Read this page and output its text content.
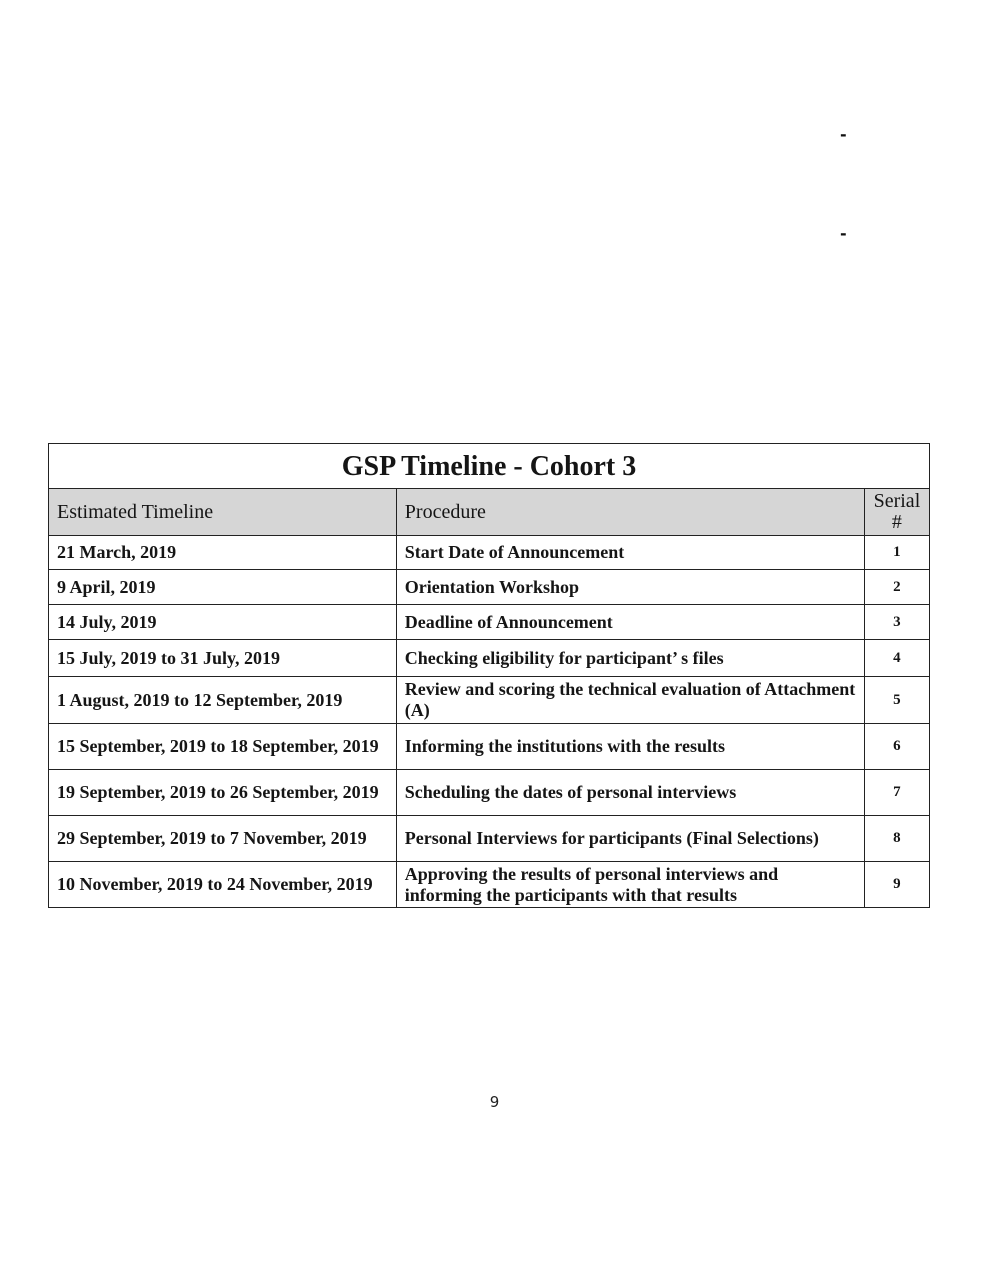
-
-
GSP Timeline - Cohort 3		
Estimated Timeline	Procedure	Serial
#
21 March, 2019	Start Date of Announcement	1
9 April, 2019	Orientation Workshop	2
14 July, 2019	Deadline of Announcement	3
15 July, 2019 to 31 July, 2019	Checking eligibility for participant’ s files	4
1 August, 2019 to 12 September, 2019	Review and scoring the technical evaluation of Attachment (A)	5
15 September, 2019 to 18 September, 2019	Informing the institutions with the results	6
19 September, 2019 to 26 September, 2019	Scheduling the dates of personal interviews	7
29 September, 2019 to 7 November, 2019	Personal Interviews for participants (Final Selections)	8
10 November, 2019 to 24 November, 2019	Approving the results of personal interviews and informing the participants with that results	9
9
